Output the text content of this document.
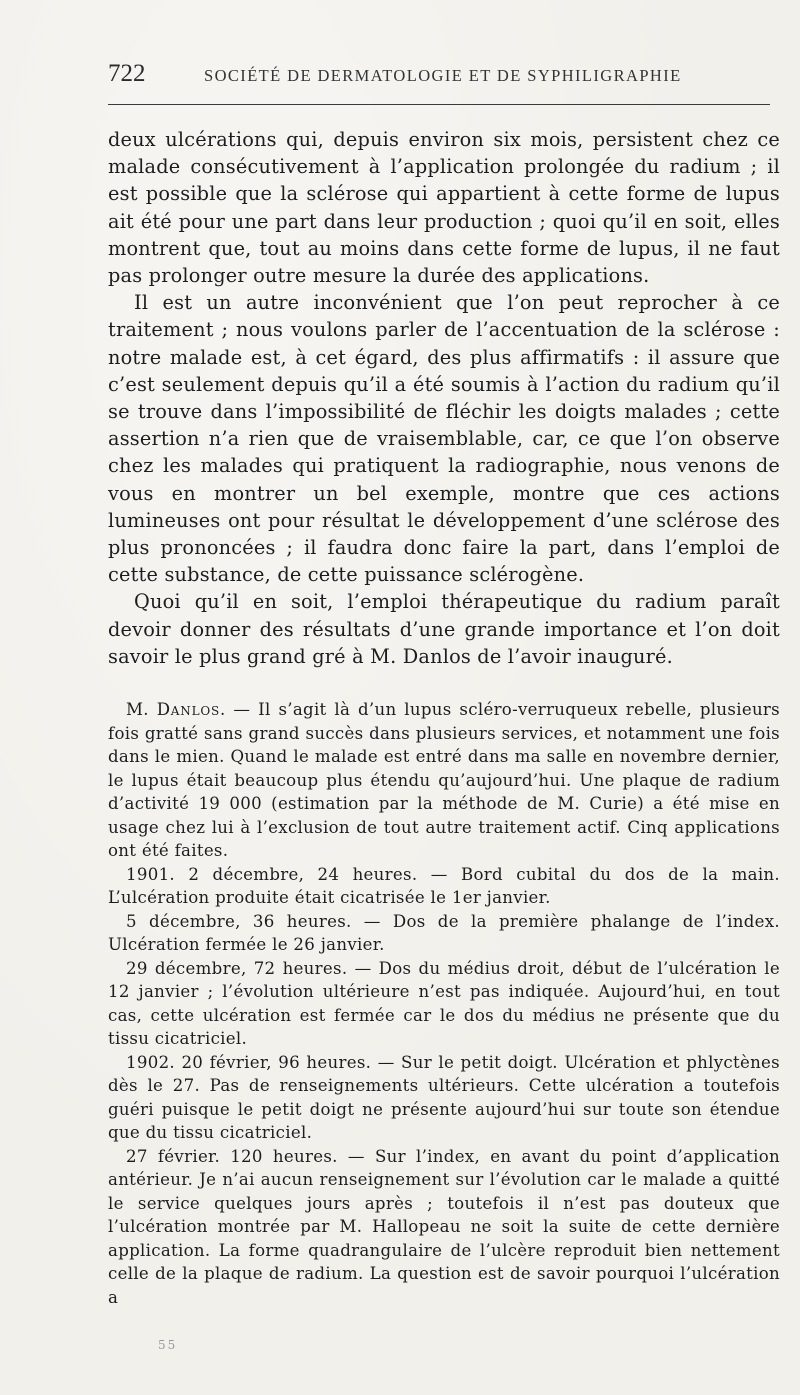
722	SOCIÉTÉ DE DERMATOLOGIE ET DE SYPHILIGRAPHIE

deux ulcérations qui, depuis environ six mois, persistent chez ce malade consécutivement à l’application prolongée du radium ; il est possible que la sclérose qui appartient à cette forme de lupus ait été pour une part dans leur production ; quoi qu’il en soit, elles montrent que, tout au moins dans cette forme de lupus, il ne faut pas prolonger outre mesure la durée des applications.

Il est un autre inconvénient que l’on peut reprocher à ce traitement ; nous voulons parler de l’accentuation de la sclérose : notre malade est, à cet égard, des plus affirmatifs : il assure que c’est seulement depuis qu’il a été soumis à l’action du radium qu’il se trouve dans l’impossibilité de fléchir les doigts malades ; cette assertion n’a rien que de vraisemblable, car, ce que l’on observe chez les malades qui pratiquent la radiographie, nous venons de vous en montrer un bel exemple, montre que ces actions lumineuses ont pour résultat le développement d’une sclérose des plus prononcées ; il faudra donc faire la part, dans l’emploi de cette substance, de cette puissance sclérogène.

Quoi qu’il en soit, l’emploi thérapeutique du radium paraît devoir donner des résultats d’une grande importance et l’on doit savoir le plus grand gré à M. Danlos de l’avoir inauguré.

M. Danlos. — Il s’agit là d’un lupus scléro-verruqueux rebelle, plusieurs fois gratté sans grand succès dans plusieurs services, et notamment une fois dans le mien. Quand le malade est entré dans ma salle en novembre dernier, le lupus était beaucoup plus étendu qu’aujourd’hui. Une plaque de radium d’activité 19 000 (estimation par la méthode de M. Curie) a été mise en usage chez lui à l’exclusion de tout autre traitement actif. Cinq applications ont été faites.

1901. 2 décembre, 24 heures. — Bord cubital du dos de la main. L’ulcération produite était cicatrisée le 1er janvier.

5 décembre, 36 heures. — Dos de la première phalange de l’index. Ulcération fermée le 26 janvier.

29 décembre, 72 heures. — Dos du médius droit, début de l’ulcération le 12 janvier ; l’évolution ultérieure n’est pas indiquée. Aujourd’hui, en tout cas, cette ulcération est fermée car le dos du médius ne présente que du tissu cicatriciel.

1902. 20 février, 96 heures. — Sur le petit doigt. Ulcération et phlyctènes dès le 27. Pas de renseignements ultérieurs. Cette ulcération a toutefois guéri puisque le petit doigt ne présente aujourd’hui sur toute son étendue que du tissu cicatriciel.

27 février. 120 heures. — Sur l’index, en avant du point d’application antérieur. Je n’ai aucun renseignement sur l’évolution car le malade a quitté le service quelques jours après ; toutefois il n’est pas douteux que l’ulcération montrée par M. Hallopeau ne soit la suite de cette dernière application. La forme quadrangulaire de l’ulcère reproduit bien nettement celle de la plaque de radium. La question est de savoir pourquoi l’ulcération a

55
